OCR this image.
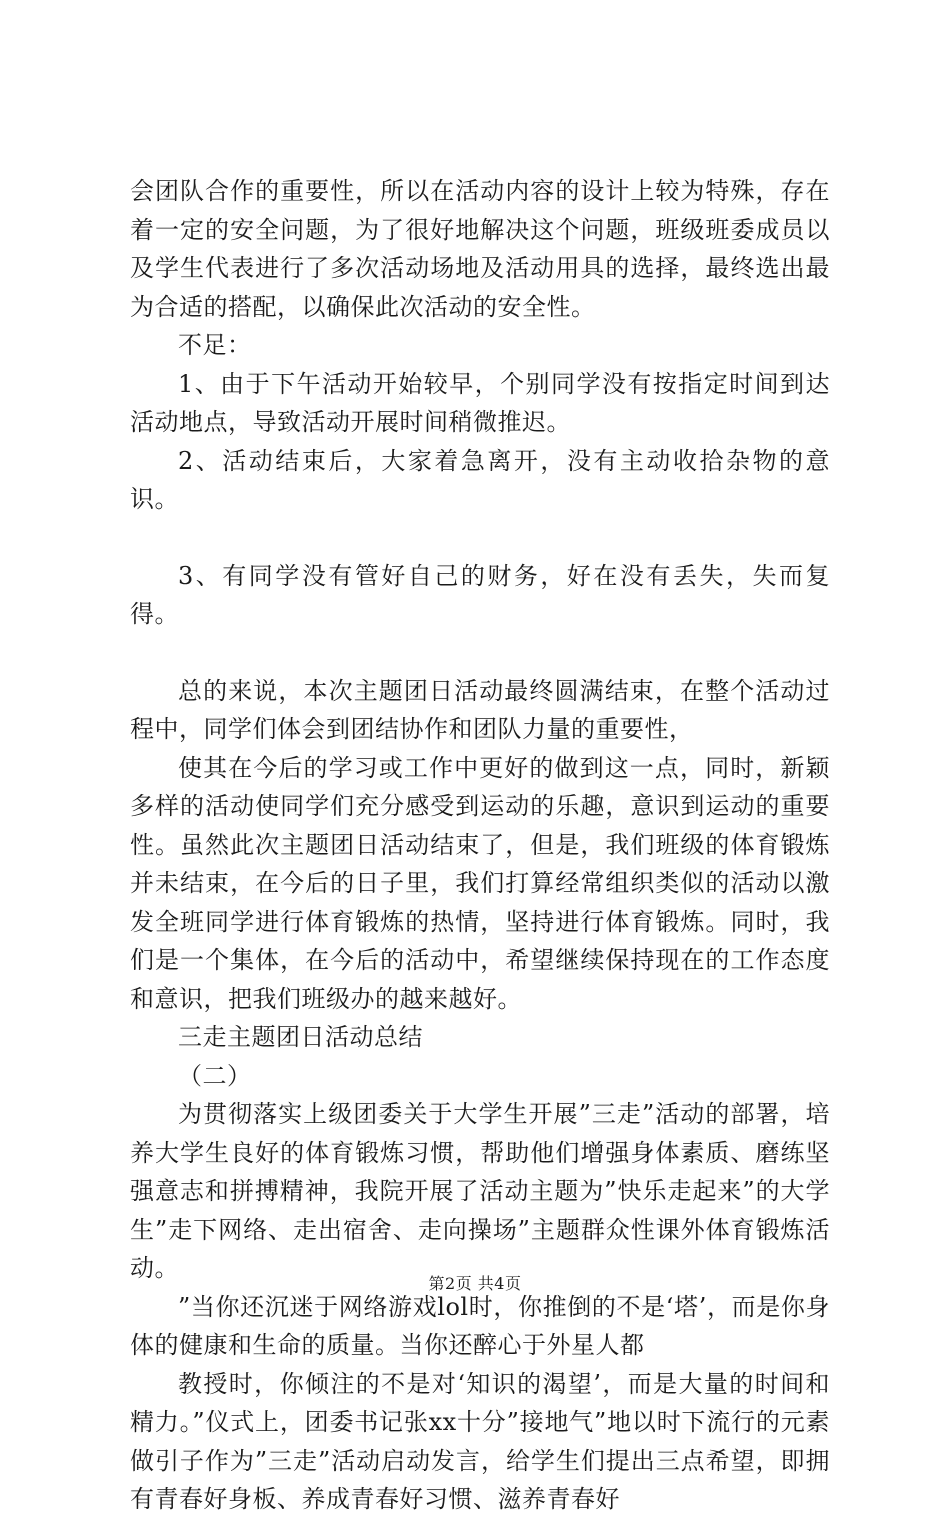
会团队合作的重要性，所以在活动内容的设计上较为特殊，存在着一定的安全问题，为了很好地解决这个问题，班级班委成员以及学生代表进行了多次活动场地及活动用具的选择，最终选出最为合适的搭配，以确保此次活动的安全性。

不足：

1、由于下午活动开始较早，个别同学没有按指定时间到达活动地点，导致活动开展时间稍微推迟。

2、活动结束后，大家着急离开，没有主动收拾杂物的意识。

3、有同学没有管好自己的财务，好在没有丢失，失而复得。

总的来说，本次主题团日活动最终圆满结束，在整个活动过程中，同学们体会到团结协作和团队力量的重要性，

使其在今后的学习或工作中更好的做到这一点，同时，新颖多样的活动使同学们充分感受到运动的乐趣，意识到运动的重要性。虽然此次主题团日活动结束了，但是，我们班级的体育锻炼并未结束，在今后的日子里，我们打算经常组织类似的活动以激发全班同学进行体育锻炼的热情，坚持进行体育锻炼。同时，我们是一个集体，在今后的活动中，希望继续保持现在的工作态度和意识，把我们班级办的越来越好。

三走主题团日活动总结

（二）

为贯彻落实上级团委关于大学生开展”三走”活动的部署，培养大学生良好的体育锻炼习惯，帮助他们增强身体素质、磨练坚强意志和拼搏精神，我院开展了活动主题为”快乐走起来”的大学生”走下网络、走出宿舍、走向操场”主题群众性课外体育锻炼活动。

”当你还沉迷于网络游戏lol时，你推倒的不是‘塔’，而是你身体的健康和生命的质量。当你还醉心于外星人都

教授时，你倾注的不是对‘知识的渴望’，而是大量的时间和精力。”仪式上，团委书记张xx十分”接地气”地以时下流行的元素做引子作为”三走”活动启动发言，给学生们提出三点希望，即拥有青春好身板、养成青春好习惯、滋养青春好

第2页 共4页
